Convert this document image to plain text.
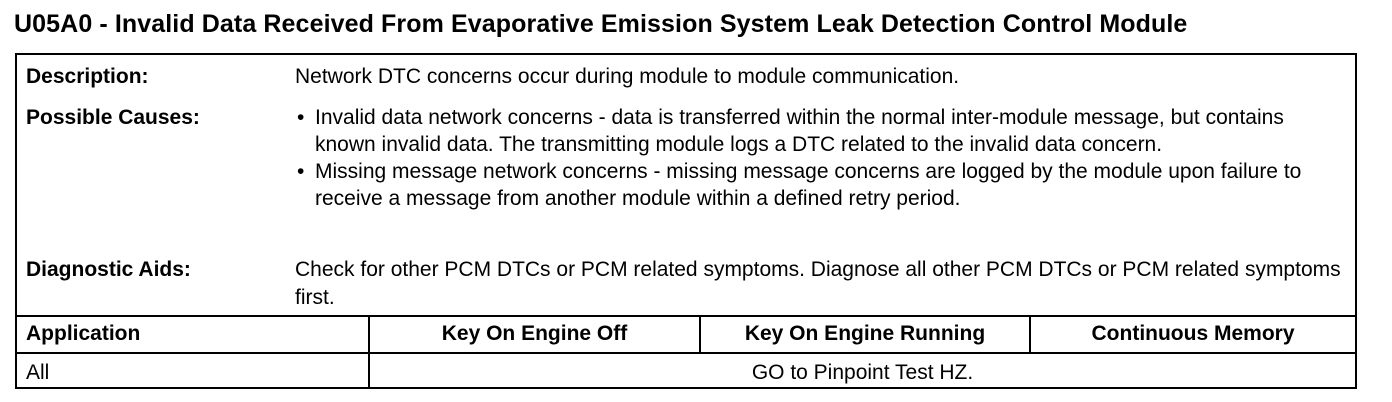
U05A0 - Invalid Data Received From Evaporative Emission System Leak Detection Control Module
Description:	Network DTC concerns occur during module to module communication.
Possible Causes:	• Invalid data network concerns - data is transferred within the normal inter-module message, but contains known invalid data. The transmitting module logs a DTC related to the invalid data concern.
• Missing message network concerns - missing message concerns are logged by the module upon failure to receive a message from another module within a defined retry period.
Diagnostic Aids:	Check for other PCM DTCs or PCM related symptoms. Diagnose all other PCM DTCs or PCM related symptoms first.
Application	Key On Engine Off	Key On Engine Running	Continuous Memory
All	GO to Pinpoint Test HZ.
